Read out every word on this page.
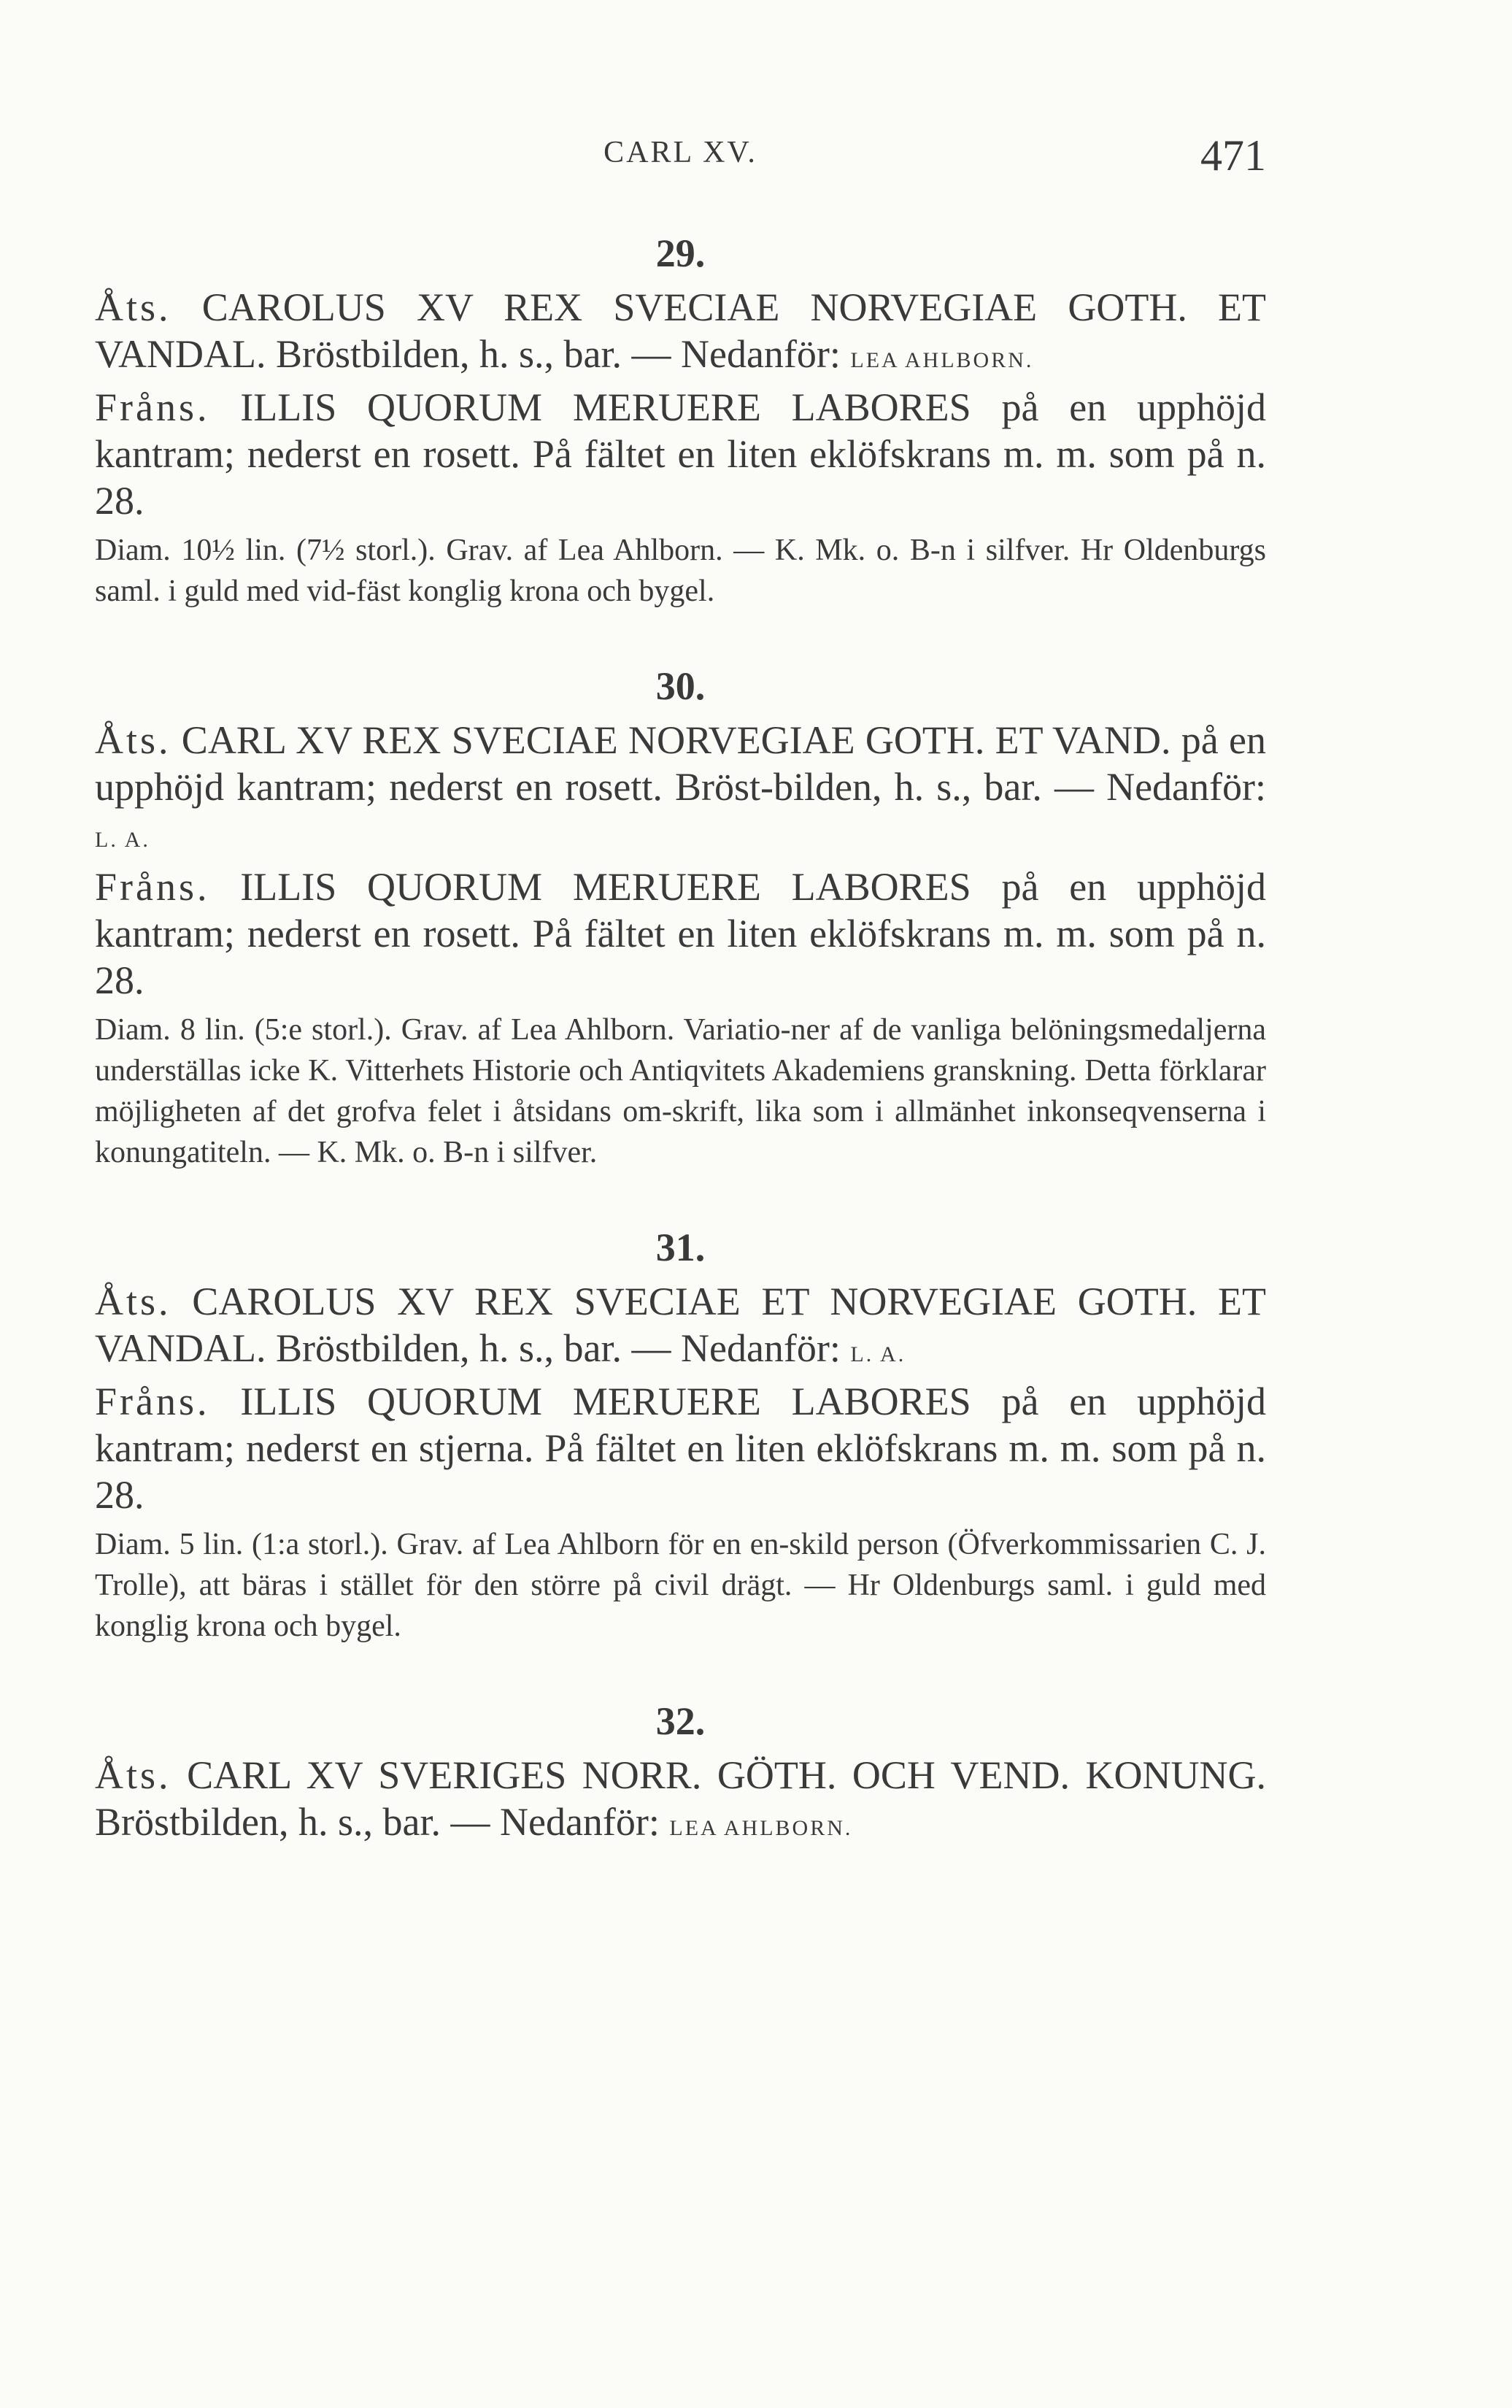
CARL XV.	471
29.

Åts. CAROLUS XV REX SVECIAE NORVEGIAE GOTH. ET VANDAL. Bröstbilden, h. s., bar. — Nedanför: LEA AHLBORN.

Fråns. ILLIS QUORUM MERUERE LABORES på en upphöjd kantram; nederst en rosett. På fältet en liten eklöfskrans m. m. som på n. 28.

Diam. 10½ lin. (7½ storl.). Grav. af Lea Ahlborn. — K. Mk. o. B-n i silfver. Hr Oldenburgs saml. i guld med vid-fäst konglig krona och bygel.

30.

Åts. CARL XV REX SVECIAE NORVEGIAE GOTH. ET VAND. på en upphöjd kantram; nederst en rosett. Bröst-bilden, h. s., bar. — Nedanför: L. A.

Fråns. ILLIS QUORUM MERUERE LABORES på en upphöjd kantram; nederst en rosett. På fältet en liten eklöfskrans m. m. som på n. 28.

Diam. 8 lin. (5:e storl.). Grav. af Lea Ahlborn. Variatio-ner af de vanliga belöningsmedaljerna underställas icke K. Vitterhets Historie och Antiqvitets Akademiens granskning. Detta förklarar möjligheten af det grofva felet i åtsidans om-skrift, lika som i allmänhet inkonseqvenserna i konungatiteln. — K. Mk. o. B-n i silfver.

31.

Åts. CAROLUS XV REX SVECIAE ET NORVEGIAE GOTH. ET VANDAL. Bröstbilden, h. s., bar. — Nedanför: L. A.

Fråns. ILLIS QUORUM MERUERE LABORES på en upphöjd kantram; nederst en stjerna. På fältet en liten eklöfskrans m. m. som på n. 28.

Diam. 5 lin. (1:a storl.). Grav. af Lea Ahlborn för en en-skild person (Öfverkommissarien C. J. Trolle), att bäras i stället för den större på civil drägt. — Hr Oldenburgs saml. i guld med konglig krona och bygel.

32.

Åts. CARL XV SVERIGES NORR. GÖTH. OCH VEND. KONUNG. Bröstbilden, h. s., bar. — Nedanför: LEA AHLBORN.
